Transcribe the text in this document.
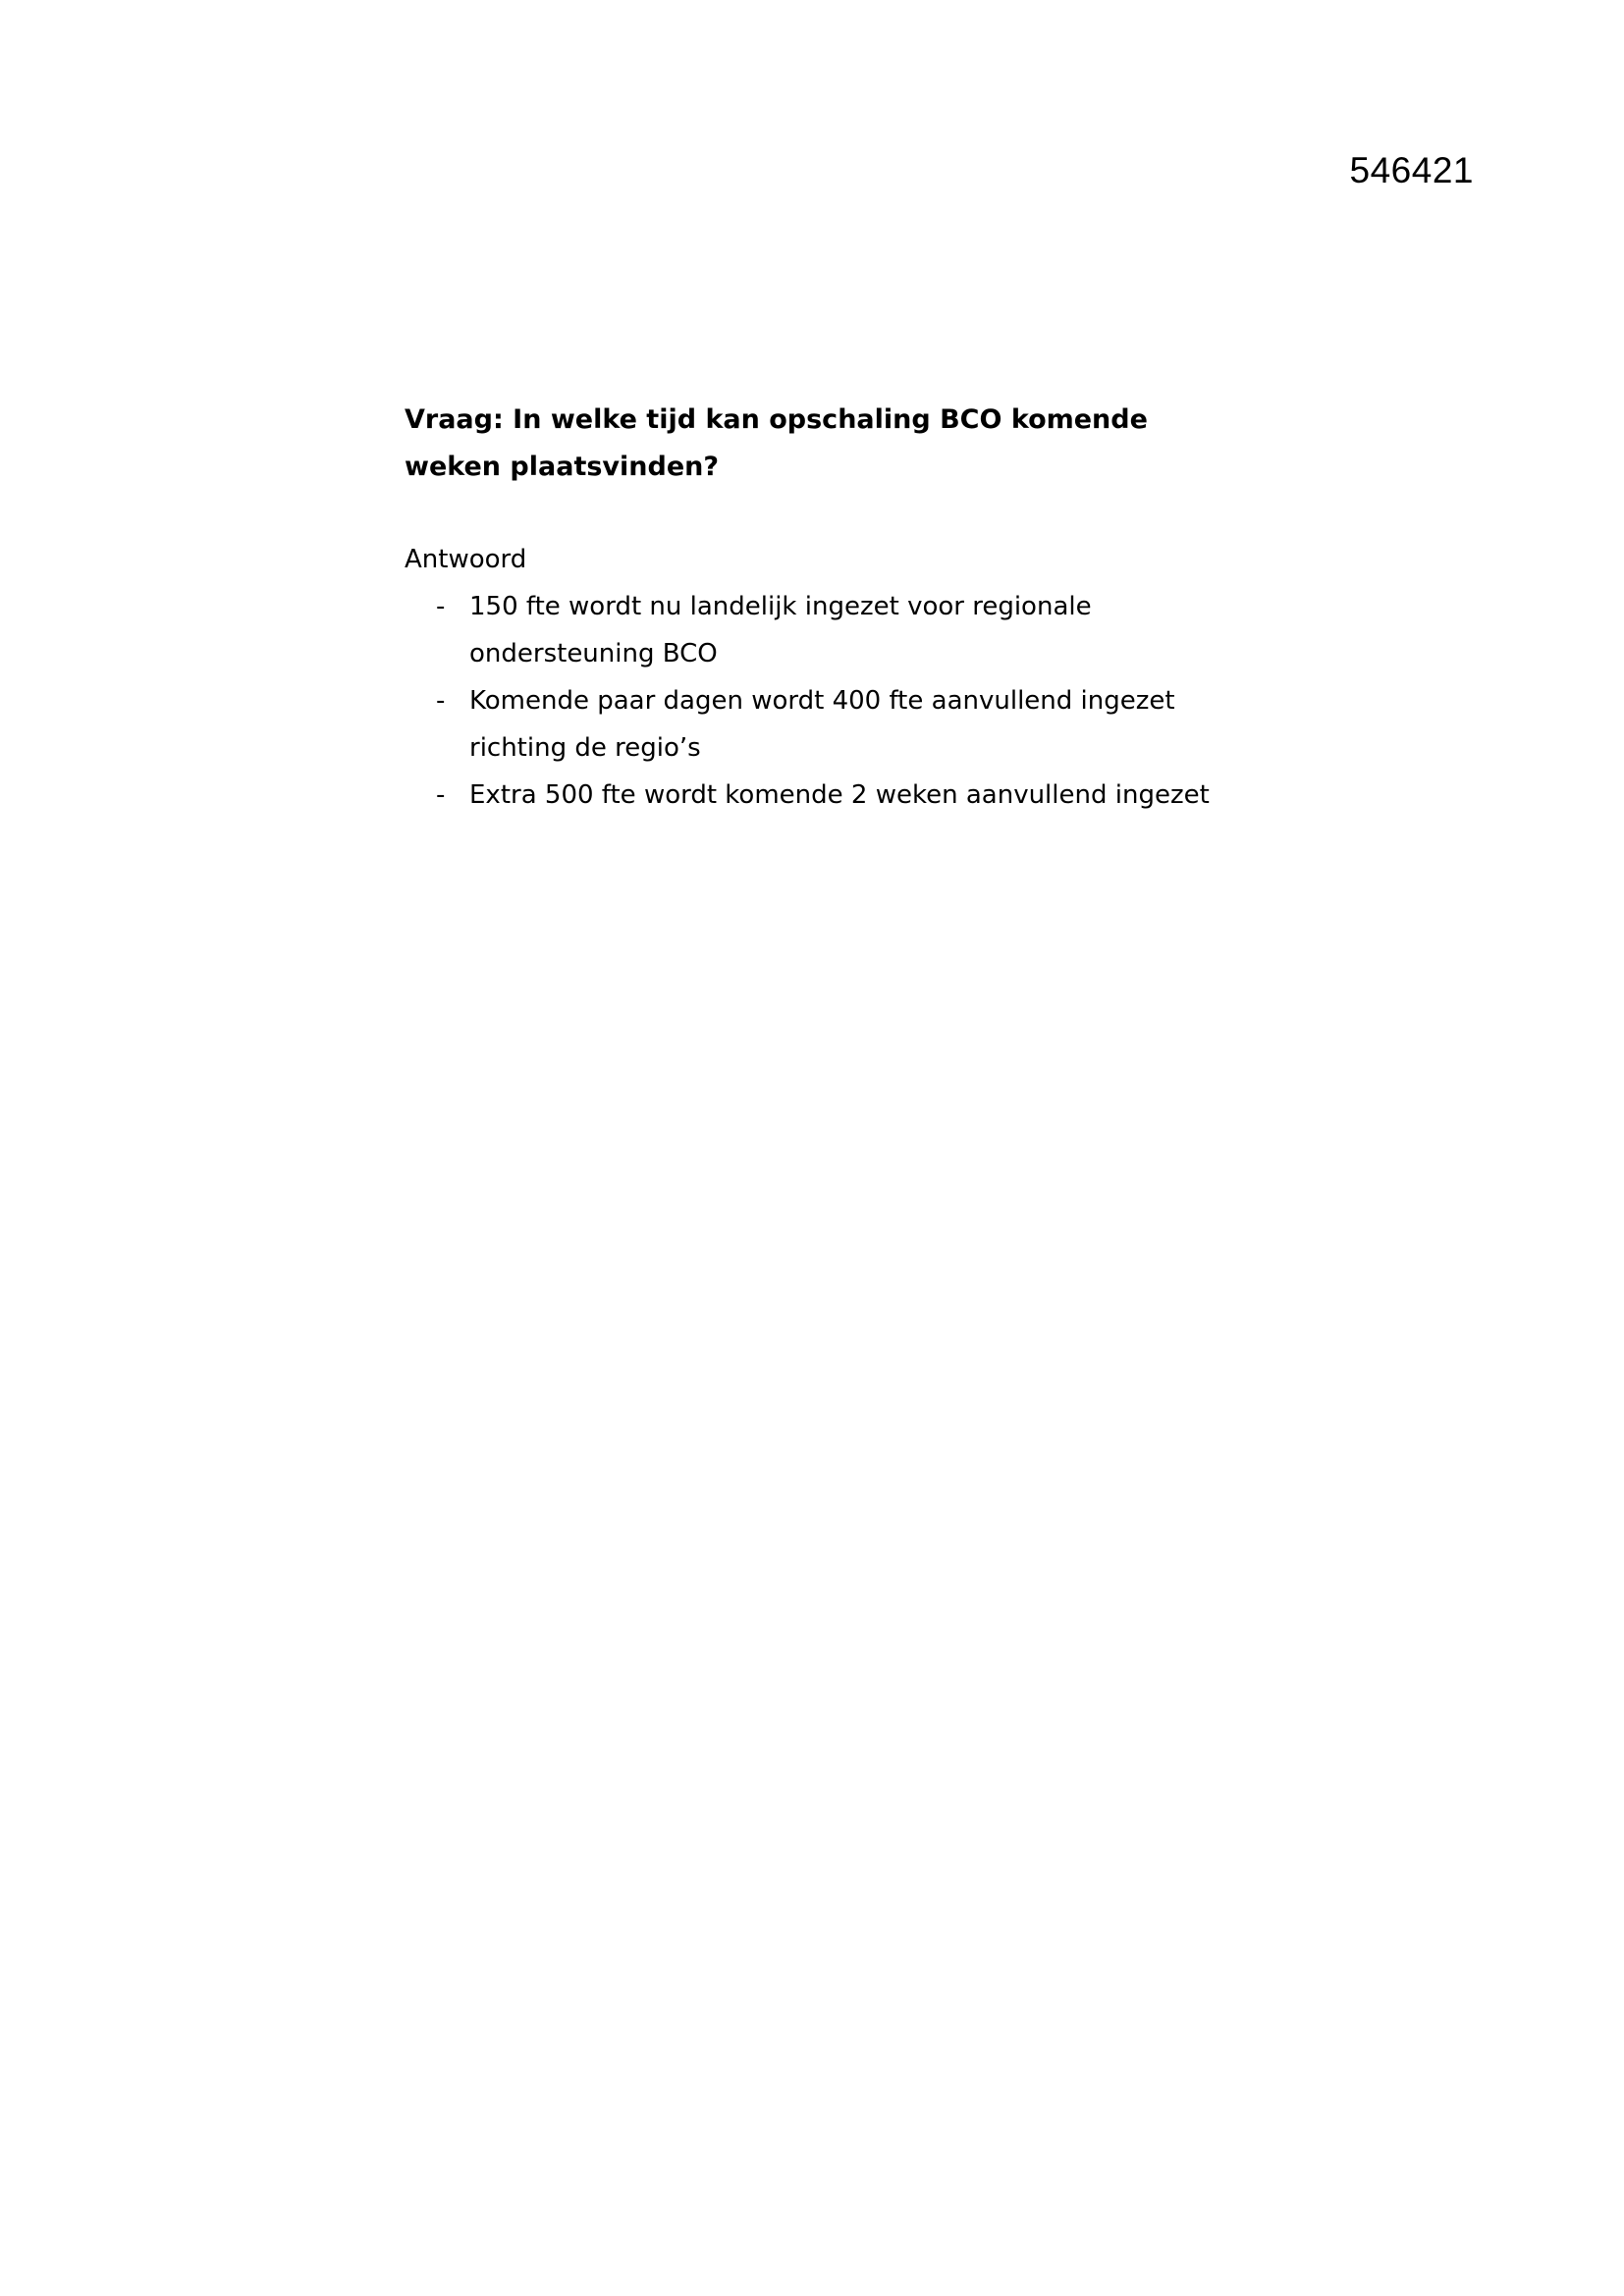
546421

Vraag: In welke tijd kan opschaling BCO komende weken plaatsvinden?

Antwoord

- 150 fte wordt nu landelijk ingezet voor regionale ondersteuning BCO
- Komende paar dagen wordt 400 fte aanvullend ingezet richting de regio’s
- Extra 500 fte wordt komende 2 weken aanvullend ingezet
